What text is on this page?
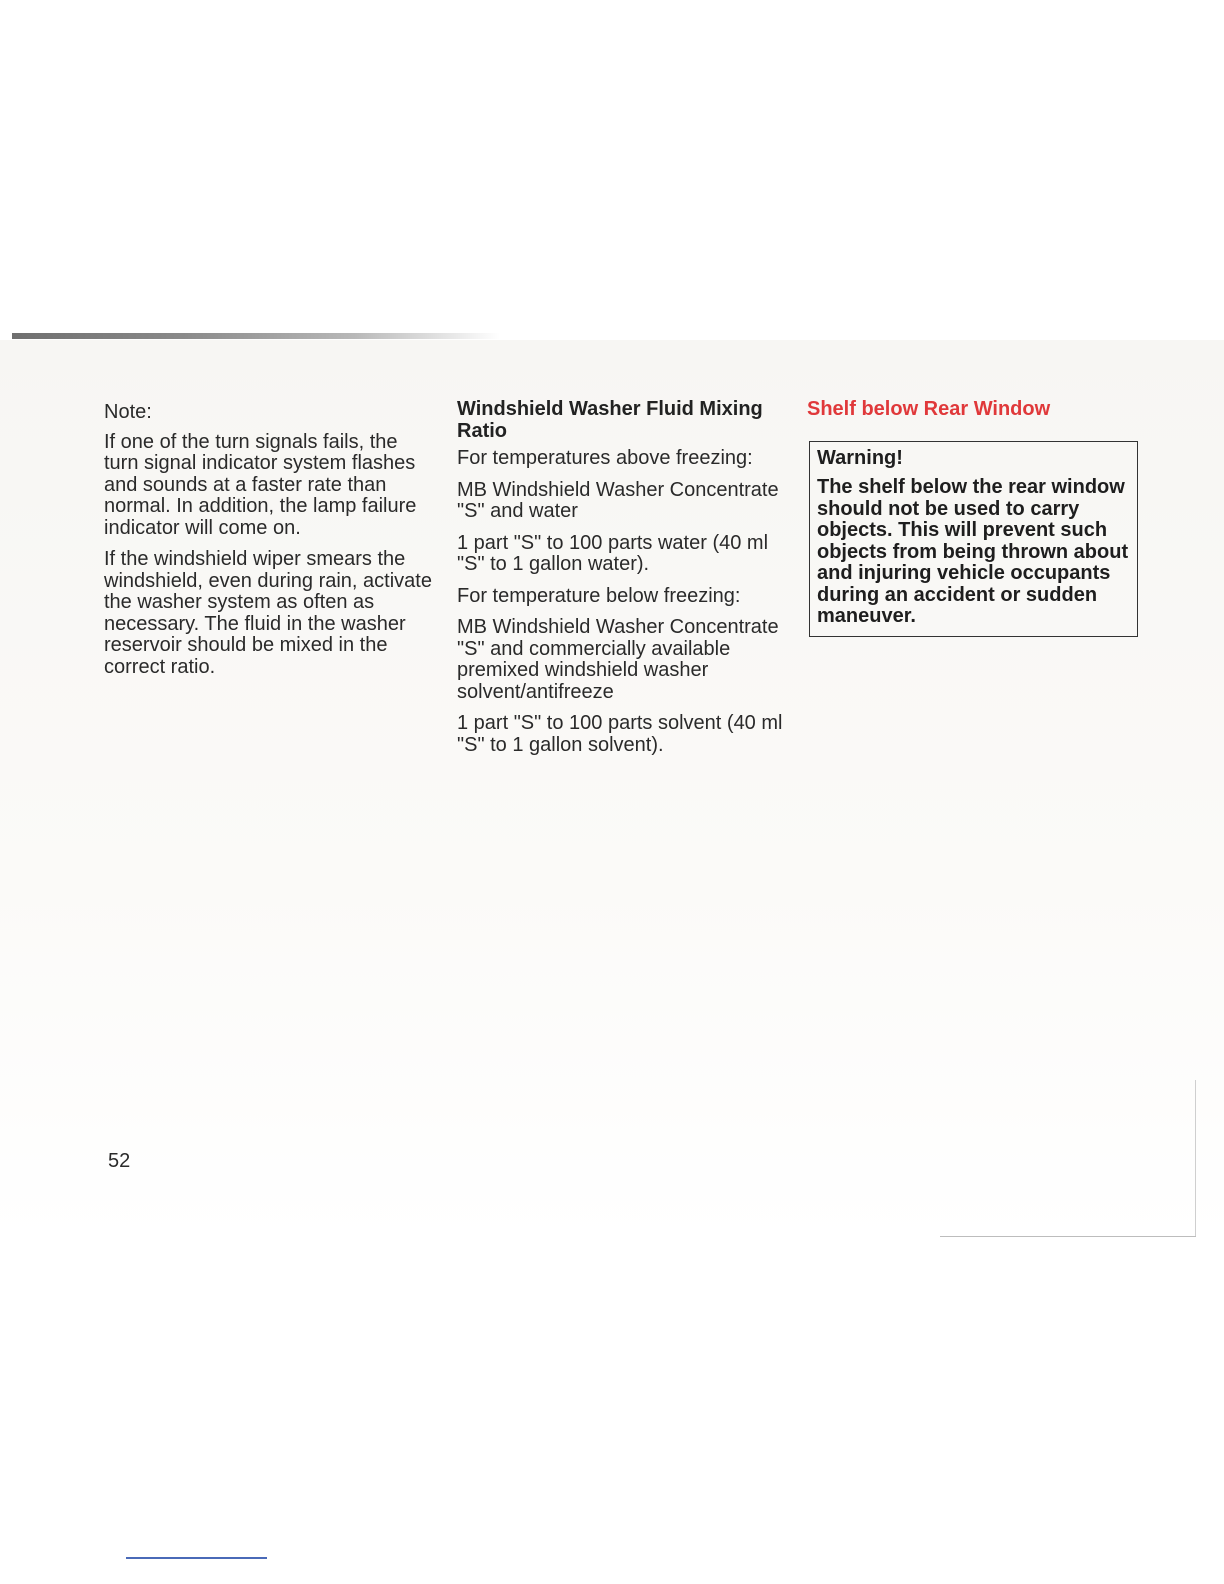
Note:

If one of the turn signals fails, the turn signal indicator system flashes and sounds at a faster rate than normal. In addition, the lamp failure indicator will come on.

If the windshield wiper smears the windshield, even during rain, activate the washer system as often as necessary. The fluid in the washer reservoir should be mixed in the correct ratio.

Windshield Washer Fluid Mixing Ratio

For temperatures above freezing:

MB Windshield Washer Concentrate "S" and water

1 part "S" to 100 parts water (40 ml "S" to 1 gallon water).

For temperature below freezing:

MB Windshield Washer Concentrate "S" and commercially available premixed windshield washer solvent/antifreeze

1 part "S" to 100 parts solvent (40 ml "S" to 1 gallon solvent).

Shelf below Rear Window
Warning!

The shelf below the rear window should not be used to carry objects. This will prevent such objects from being thrown about and injuring vehicle occupants during an accident or sudden maneuver.

52
